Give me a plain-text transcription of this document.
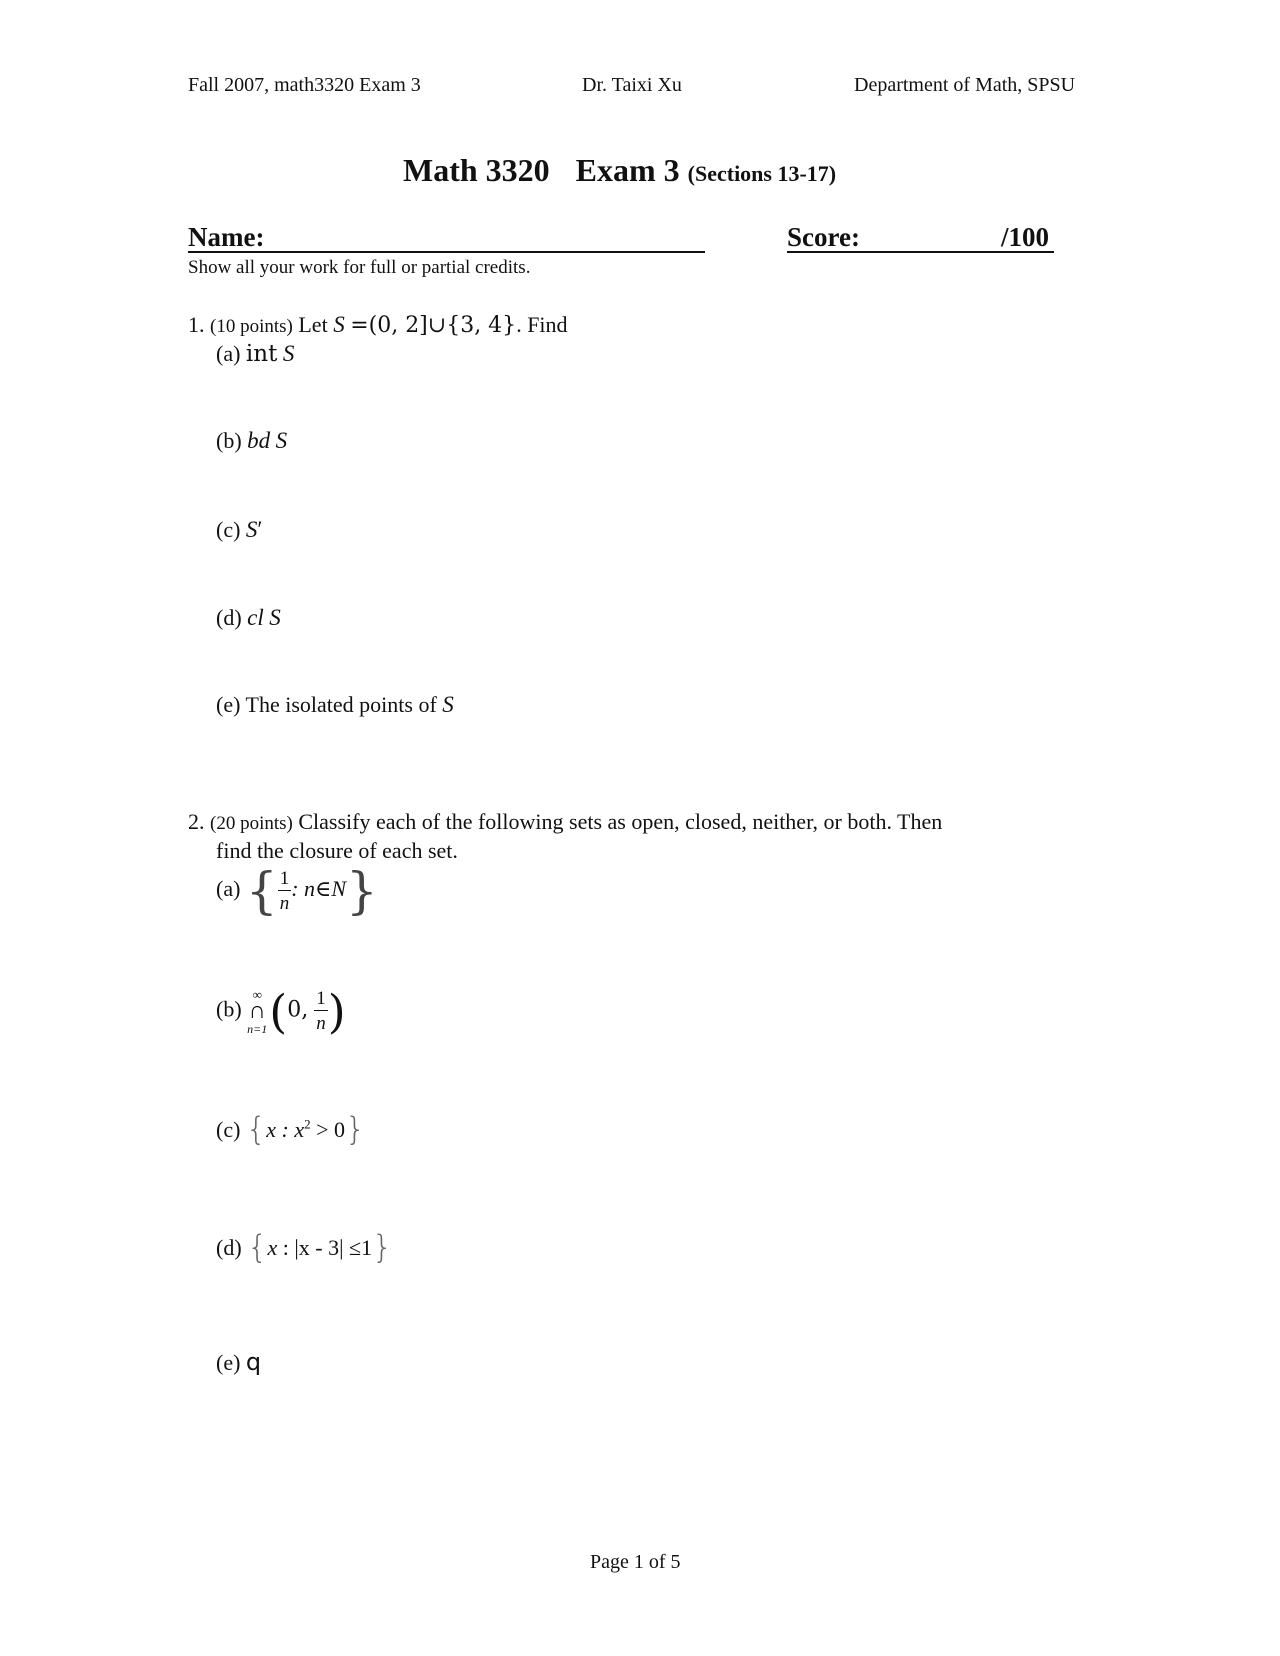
Fall 2007, math3320 Exam 3	Dr. Taixi Xu	Department of Math, SPSU
Math 3320 Exam 3 (Sections 13-17)
Name:	Score:	/100
Show all your work for full or partial credits.
1. (10 points) Let S =(0, 2]∪{3, 4}. Find
(a) int S
(b) bd S
(c) S′
(d) cl S
(e) The isolated points of S
2. (20 points) Classify each of the following sets as open, closed, neither, or both. Then
find the closure of each set.
(a) { $\frac{1}{n}$ : n∈N}
(b)
∞
∩
n=1 (0, $\frac{1}{n}$ )
(c) {x : $x^2 > 0$}
(d) {x : |x - 3| ≤1}
(e) q
Page 1 of 5
